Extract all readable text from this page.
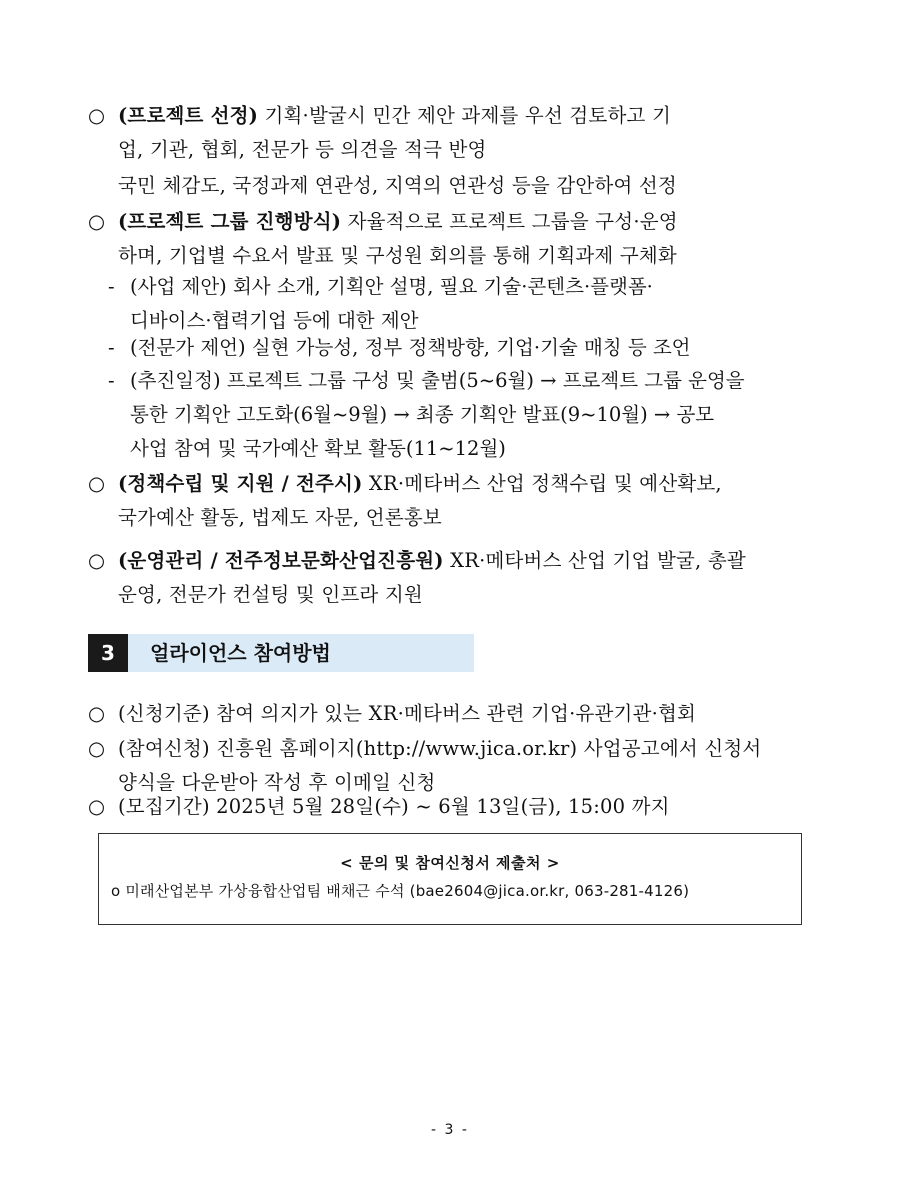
○ (프로젝트 선정) 기획·발굴시 민간 제안 과제를 우선 검토하고 기
업, 기관, 협회, 전문가 등 의견을 적극 반영
국민 체감도, 국정과제 연관성, 지역의 연관성 등을 감안하여 선정
○ (프로젝트 그룹 진행방식) 자율적으로 프로젝트 그룹을 구성·운영
하며, 기업별 수요서 발표 및 구성원 회의를 통해 기획과제 구체화
- (사업 제안) 회사 소개, 기획안 설명, 필요 기술·콘텐츠·플랫폼·
디바이스·협력기업 등에 대한 제안
- (전문가 제언) 실현 가능성, 정부 정책방향, 기업·기술 매칭 등 조언
- (추진일정) 프로젝트 그룹 구성 및 출범(5~6월) → 프로젝트 그룹 운영을
통한 기획안 고도화(6월~9월) → 최종 기획안 발표(9~10월) → 공모
사업 참여 및 국가예산 확보 활동(11~12월)
○ (정책수립 및 지원 / 전주시) XR·메타버스 산업 정책수립 및 예산확보,
국가예산 활동, 법제도 자문, 언론홍보
○ (운영관리 / 전주정보문화산업진흥원) XR·메타버스 산업 기업 발굴, 총괄
운영, 전문가 컨설팅 및 인프라 지원
3	얼라이언스 참여방법
○ (신청기준) 참여 의지가 있는 XR·메타버스 관련 기업·유관기관·협회
○ (참여신청) 진흥원 홈페이지(http://www.jica.or.kr) 사업공고에서 신청서
양식을 다운받아 작성 후 이메일 신청
○ (모집기간) 2025년 5월 28일(수) ~ 6월 13일(금), 15:00 까지
< 문의 및 참여신청서 제출처 >
o 미래산업본부 가상융합산업팀 배채근 수석 (bae2604@jica.or.kr, 063-281-4126)
- 3 -
